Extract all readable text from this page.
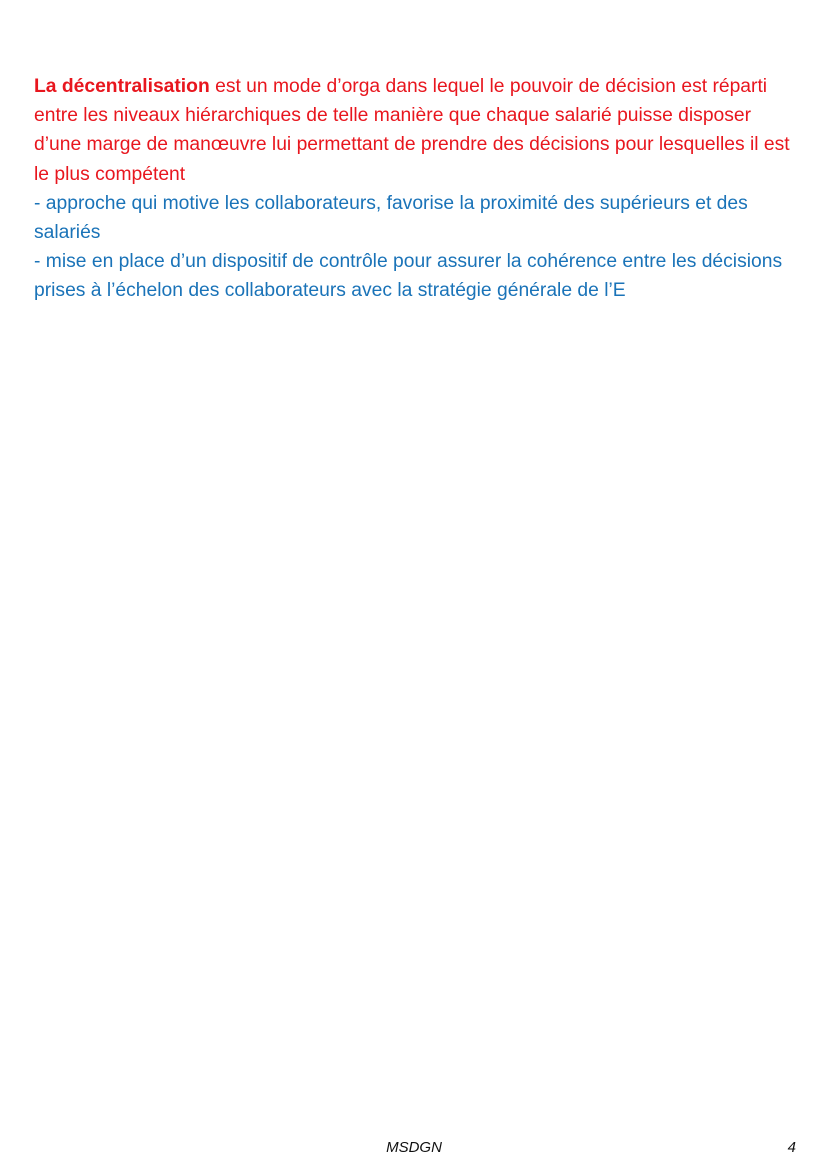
La décentralisation est un mode d’orga dans lequel le pouvoir de décision est réparti entre les niveaux hiérarchiques de telle manière que chaque salarié puisse disposer d’une marge de manœuvre lui permettant de prendre des décisions pour lesquelles il est le plus compétent

- approche qui motive les collaborateurs, favorise la proximité des supérieurs et des salariés

- mise en place d’un dispositif de contrôle pour assurer la cohérence entre les décisions prises à l’échelon des collaborateurs avec la stratégie générale de l’E

MSDGN	4
